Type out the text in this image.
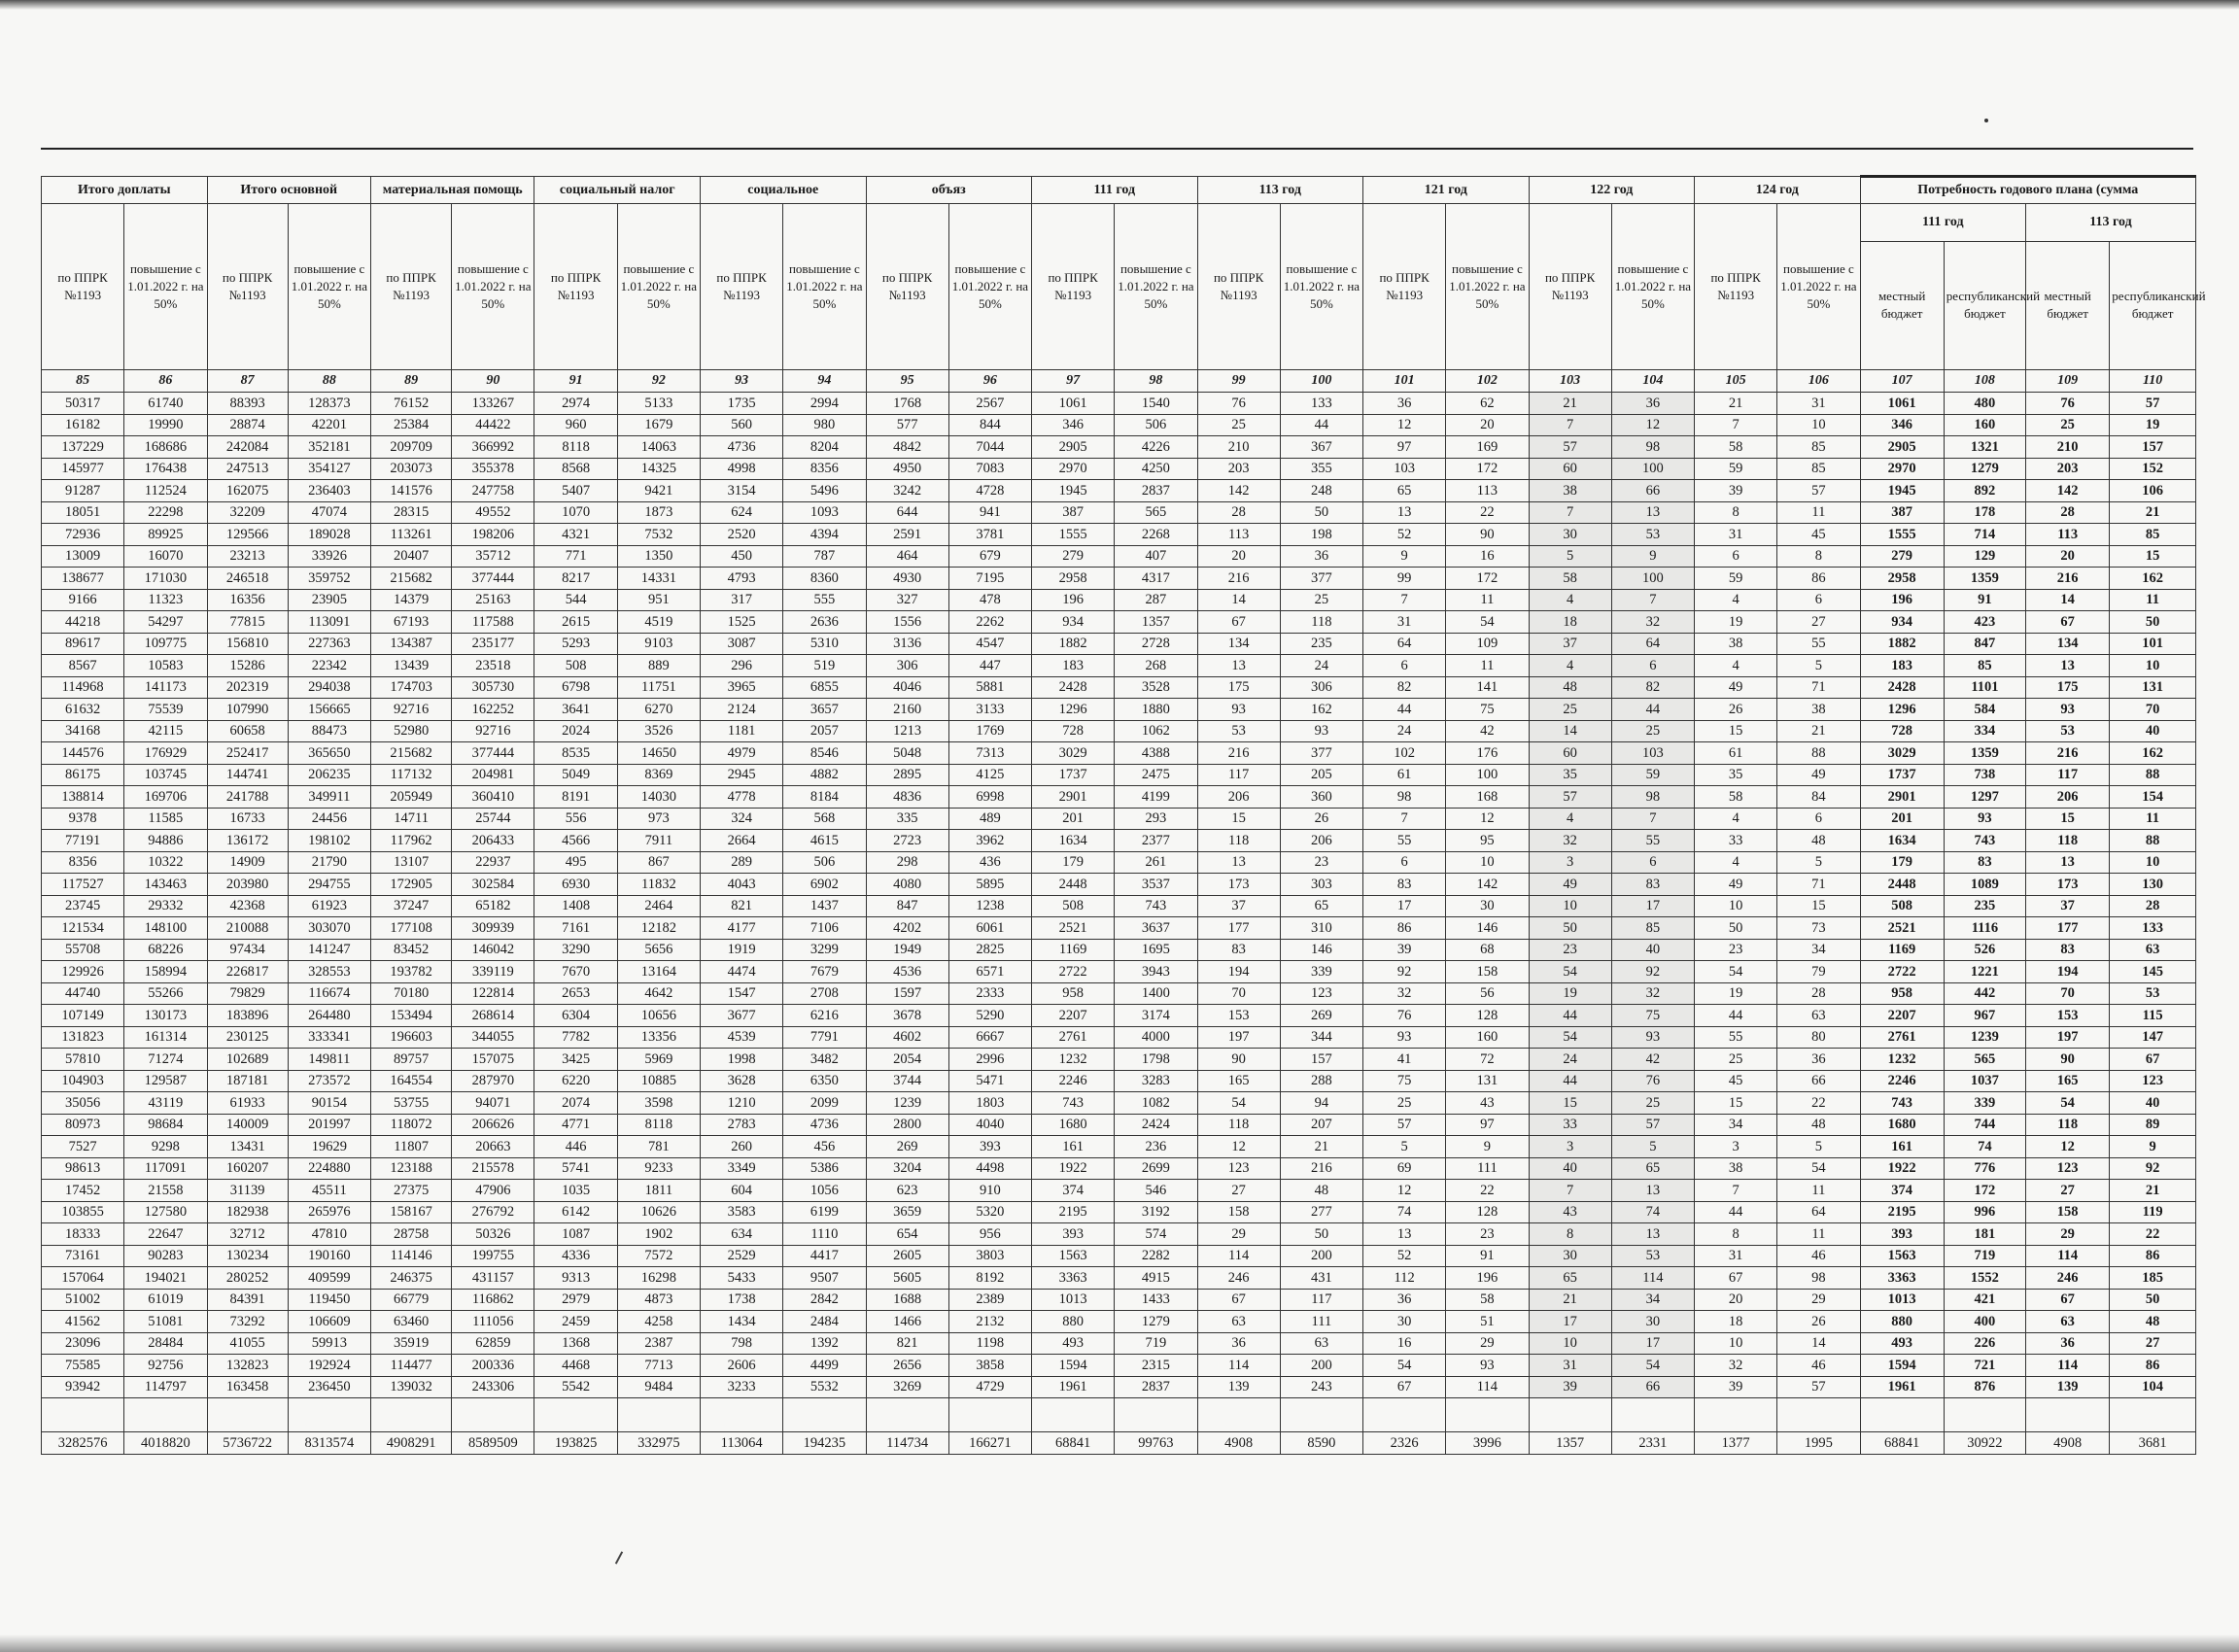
Итого доплаты		Итого основной		материальная помощь		социальный налог		социальное		объяз		111 год		113 год		121 год		122 год		124 год		Потребность годового плана (сумма			
по ППРК №1193	повышение с 1.01.2022 г. на 50%	по ППРК №1193	повышение с 1.01.2022 г. на 50%	по ППРК №1193	повышение с 1.01.2022 г. на 50%	по ППРК №1193	повышение с 1.01.2022 г. на 50%	по ППРК №1193	повышение с 1.01.2022 г. на 50%	по ППРК №1193	повышение с 1.01.2022 г. на 50%	по ППРК №1193	повышение с 1.01.2022 г. на 50%	по ППРК №1193	повышение с 1.01.2022 г. на 50%	по ППРК №1193	повышение с 1.01.2022 г. на 50%	по ППРК №1193	повышение с 1.01.2022 г. на 50%	по ППРК №1193	повышение с 1.01.2022 г. на 50%	111 год		113 год	
																						местный бюджет	республиканский бюджет	местный бюджет	республиканский бюджет
85	86	87	88	89	90	91	92	93	94	95	96	97	98	99	100	101	102	103	104	105	106	107	108	109	110
50317	61740	88393	128373	76152	133267	2974	5133	1735	2994	1768	2567	1061	1540	76	133	36	62	21	36	21	31	1061	480	76	57
16182	19990	28874	42201	25384	44422	960	1679	560	980	577	844	346	506	25	44	12	20	7	12	7	10	346	160	25	19
137229	168686	242084	352181	209709	366992	8118	14063	4736	8204	4842	7044	2905	4226	210	367	97	169	57	98	58	85	2905	1321	210	157
145977	176438	247513	354127	203073	355378	8568	14325	4998	8356	4950	7083	2970	4250	203	355	103	172	60	100	59	85	2970	1279	203	152
91287	112524	162075	236403	141576	247758	5407	9421	3154	5496	3242	4728	1945	2837	142	248	65	113	38	66	39	57	1945	892	142	106
18051	22298	32209	47074	28315	49552	1070	1873	624	1093	644	941	387	565	28	50	13	22	7	13	8	11	387	178	28	21
72936	89925	129566	189028	113261	198206	4321	7532	2520	4394	2591	3781	1555	2268	113	198	52	90	30	53	31	45	1555	714	113	85
13009	16070	23213	33926	20407	35712	771	1350	450	787	464	679	279	407	20	36	9	16	5	9	6	8	279	129	20	15
138677	171030	246518	359752	215682	377444	8217	14331	4793	8360	4930	7195	2958	4317	216	377	99	172	58	100	59	86	2958	1359	216	162
9166	11323	16356	23905	14379	25163	544	951	317	555	327	478	196	287	14	25	7	11	4	7	4	6	196	91	14	11
44218	54297	77815	113091	67193	117588	2615	4519	1525	2636	1556	2262	934	1357	67	118	31	54	18	32	19	27	934	423	67	50
89617	109775	156810	227363	134387	235177	5293	9103	3087	5310	3136	4547	1882	2728	134	235	64	109	37	64	38	55	1882	847	134	101
8567	10583	15286	22342	13439	23518	508	889	296	519	306	447	183	268	13	24	6	11	4	6	4	5	183	85	13	10
114968	141173	202319	294038	174703	305730	6798	11751	3965	6855	4046	5881	2428	3528	175	306	82	141	48	82	49	71	2428	1101	175	131
61632	75539	107990	156665	92716	162252	3641	6270	2124	3657	2160	3133	1296	1880	93	162	44	75	25	44	26	38	1296	584	93	70
34168	42115	60658	88473	52980	92716	2024	3526	1181	2057	1213	1769	728	1062	53	93	24	42	14	25	15	21	728	334	53	40
144576	176929	252417	365650	215682	377444	8535	14650	4979	8546	5048	7313	3029	4388	216	377	102	176	60	103	61	88	3029	1359	216	162
86175	103745	144741	206235	117132	204981	5049	8369	2945	4882	2895	4125	1737	2475	117	205	61	100	35	59	35	49	1737	738	117	88
138814	169706	241788	349911	205949	360410	8191	14030	4778	8184	4836	6998	2901	4199	206	360	98	168	57	98	58	84	2901	1297	206	154
9378	11585	16733	24456	14711	25744	556	973	324	568	335	489	201	293	15	26	7	12	4	7	4	6	201	93	15	11
77191	94886	136172	198102	117962	206433	4566	7911	2664	4615	2723	3962	1634	2377	118	206	55	95	32	55	33	48	1634	743	118	88
8356	10322	14909	21790	13107	22937	495	867	289	506	298	436	179	261	13	23	6	10	3	6	4	5	179	83	13	10
117527	143463	203980	294755	172905	302584	6930	11832	4043	6902	4080	5895	2448	3537	173	303	83	142	49	83	49	71	2448	1089	173	130
23745	29332	42368	61923	37247	65182	1408	2464	821	1437	847	1238	508	743	37	65	17	30	10	17	10	15	508	235	37	28
121534	148100	210088	303070	177108	309939	7161	12182	4177	7106	4202	6061	2521	3637	177	310	86	146	50	85	50	73	2521	1116	177	133
55708	68226	97434	141247	83452	146042	3290	5656	1919	3299	1949	2825	1169	1695	83	146	39	68	23	40	23	34	1169	526	83	63
129926	158994	226817	328553	193782	339119	7670	13164	4474	7679	4536	6571	2722	3943	194	339	92	158	54	92	54	79	2722	1221	194	145
44740	55266	79829	116674	70180	122814	2653	4642	1547	2708	1597	2333	958	1400	70	123	32	56	19	32	19	28	958	442	70	53
107149	130173	183896	264480	153494	268614	6304	10656	3677	6216	3678	5290	2207	3174	153	269	76	128	44	75	44	63	2207	967	153	115
131823	161314	230125	333341	196603	344055	7782	13356	4539	7791	4602	6667	2761	4000	197	344	93	160	54	93	55	80	2761	1239	197	147
57810	71274	102689	149811	89757	157075	3425	5969	1998	3482	2054	2996	1232	1798	90	157	41	72	24	42	25	36	1232	565	90	67
104903	129587	187181	273572	164554	287970	6220	10885	3628	6350	3744	5471	2246	3283	165	288	75	131	44	76	45	66	2246	1037	165	123
35056	43119	61933	90154	53755	94071	2074	3598	1210	2099	1239	1803	743	1082	54	94	25	43	15	25	15	22	743	339	54	40
80973	98684	140009	201997	118072	206626	4771	8118	2783	4736	2800	4040	1680	2424	118	207	57	97	33	57	34	48	1680	744	118	89
7527	9298	13431	19629	11807	20663	446	781	260	456	269	393	161	236	12	21	5	9	3	5	3	5	161	74	12	9
98613	117091	160207	224880	123188	215578	5741	9233	3349	5386	3204	4498	1922	2699	123	216	69	111	40	65	38	54	1922	776	123	92
17452	21558	31139	45511	27375	47906	1035	1811	604	1056	623	910	374	546	27	48	12	22	7	13	7	11	374	172	27	21
103855	127580	182938	265976	158167	276792	6142	10626	3583	6199	3659	5320	2195	3192	158	277	74	128	43	74	44	64	2195	996	158	119
18333	22647	32712	47810	28758	50326	1087	1902	634	1110	654	956	393	574	29	50	13	23	8	13	8	11	393	181	29	22
73161	90283	130234	190160	114146	199755	4336	7572	2529	4417	2605	3803	1563	2282	114	200	52	91	30	53	31	46	1563	719	114	86
157064	194021	280252	409599	246375	431157	9313	16298	5433	9507	5605	8192	3363	4915	246	431	112	196	65	114	67	98	3363	1552	246	185
51002	61019	84391	119450	66779	116862	2979	4873	1738	2842	1688	2389	1013	1433	67	117	36	58	21	34	20	29	1013	421	67	50
41562	51081	73292	106609	63460	111056	2459	4258	1434	2484	1466	2132	880	1279	63	111	30	51	17	30	18	26	880	400	63	48
23096	28484	41055	59913	35919	62859	1368	2387	798	1392	821	1198	493	719	36	63	16	29	10	17	10	14	493	226	36	27
75585	92756	132823	192924	114477	200336	4468	7713	2606	4499	2656	3858	1594	2315	114	200	54	93	31	54	32	46	1594	721	114	86
93942	114797	163458	236450	139032	243306	5542	9484	3233	5532	3269	4729	1961	2837	139	243	67	114	39	66	39	57	1961	876	139	104

3282576	4018820	5736722	8313574	4908291	8589509	193825	332975	113064	194235	114734	166271	68841	99763	4908	8590	2326	3996	1357	2331	1377	1995	68841	30922	4908	3681
